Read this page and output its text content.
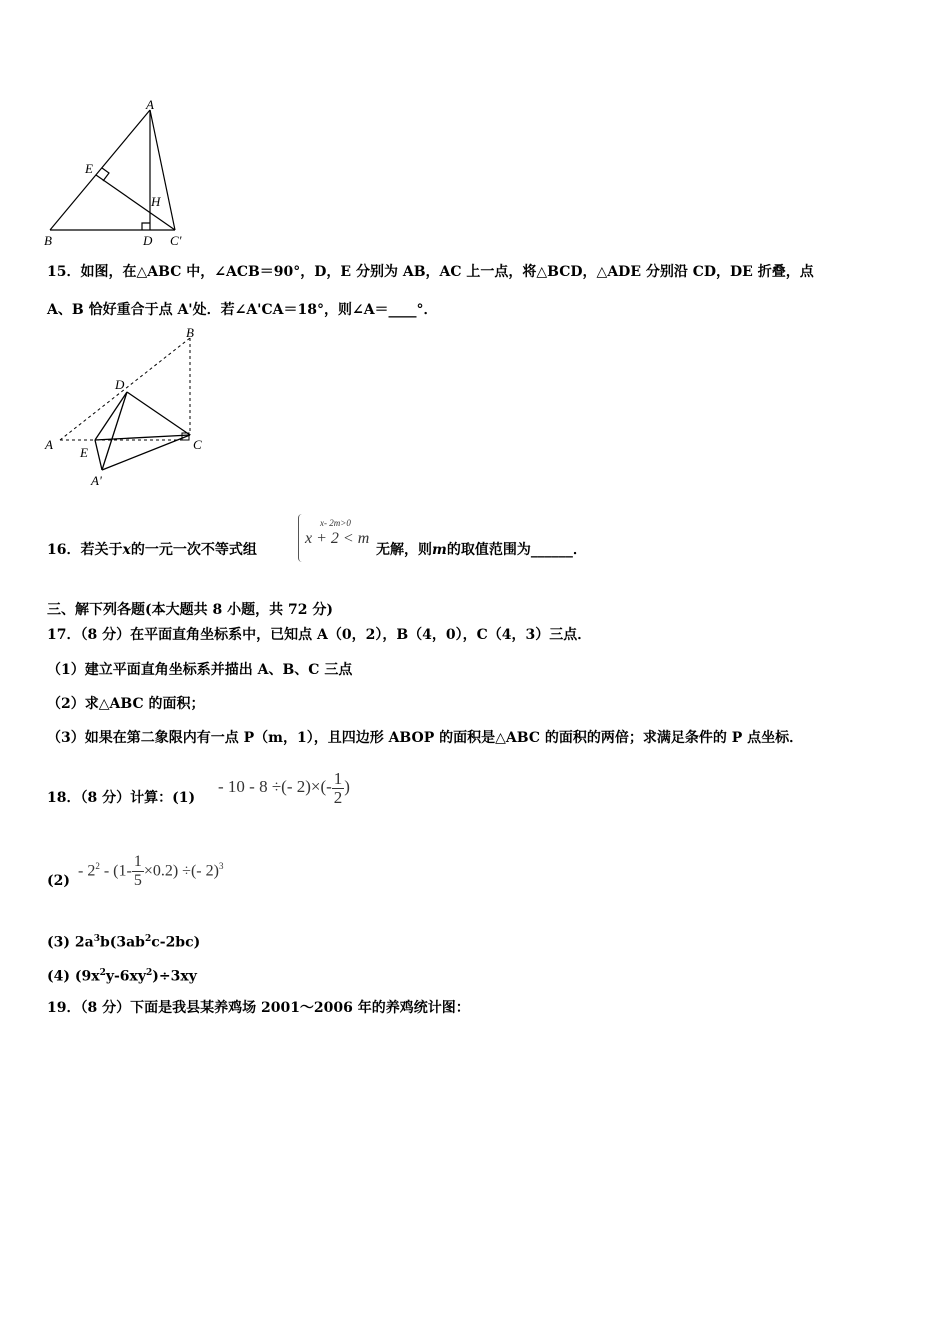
A
E
H
B	D C'
15．如图，在△ABC 中，∠ACB＝90°，D，E 分别为 AB，AC 上一点，将△BCD，△ADE 分别沿 CD，DE 折叠，点
A、B 恰好重合于点 A'处．若∠A'CA＝18°，则∠A＝____°．
B
D
A
E
C
A'
16．若关于x的一元一次不等式组
x- 2m>0
x + 2 < m
无解，则m的取值范围为______．
三、解下列各题(本大题共 8 小题，共 72 分)
17．（8 分）在平面直角坐标系中，已知点 A（0，2），B（4，0），C（4，3）三点．
（1）建立平面直角坐标系并描出 A、B、C 三点
（2）求△ABC 的面积；
（3）如果在第二象限内有一点 P（m，1），且四边形 ABOP 的面积是△ABC 的面积的两倍；求满足条件的 P 点坐标．
18．（8 分）计算：(1)
- 10 - 8 ÷(- $2)\times(- \frac{1}{2}$ )
(2)
- $2^2 - (1- \frac{1}{5} \times 0.2)$ ÷(- 2)$^3$
(3) $2a^3b(3ab^2c-2bc)$
(4) $(9x^2y-6xy^2)\div 3xy$
19．（8 分）下面是我县某养鸡场 2001～2006 年的养鸡统计图：
